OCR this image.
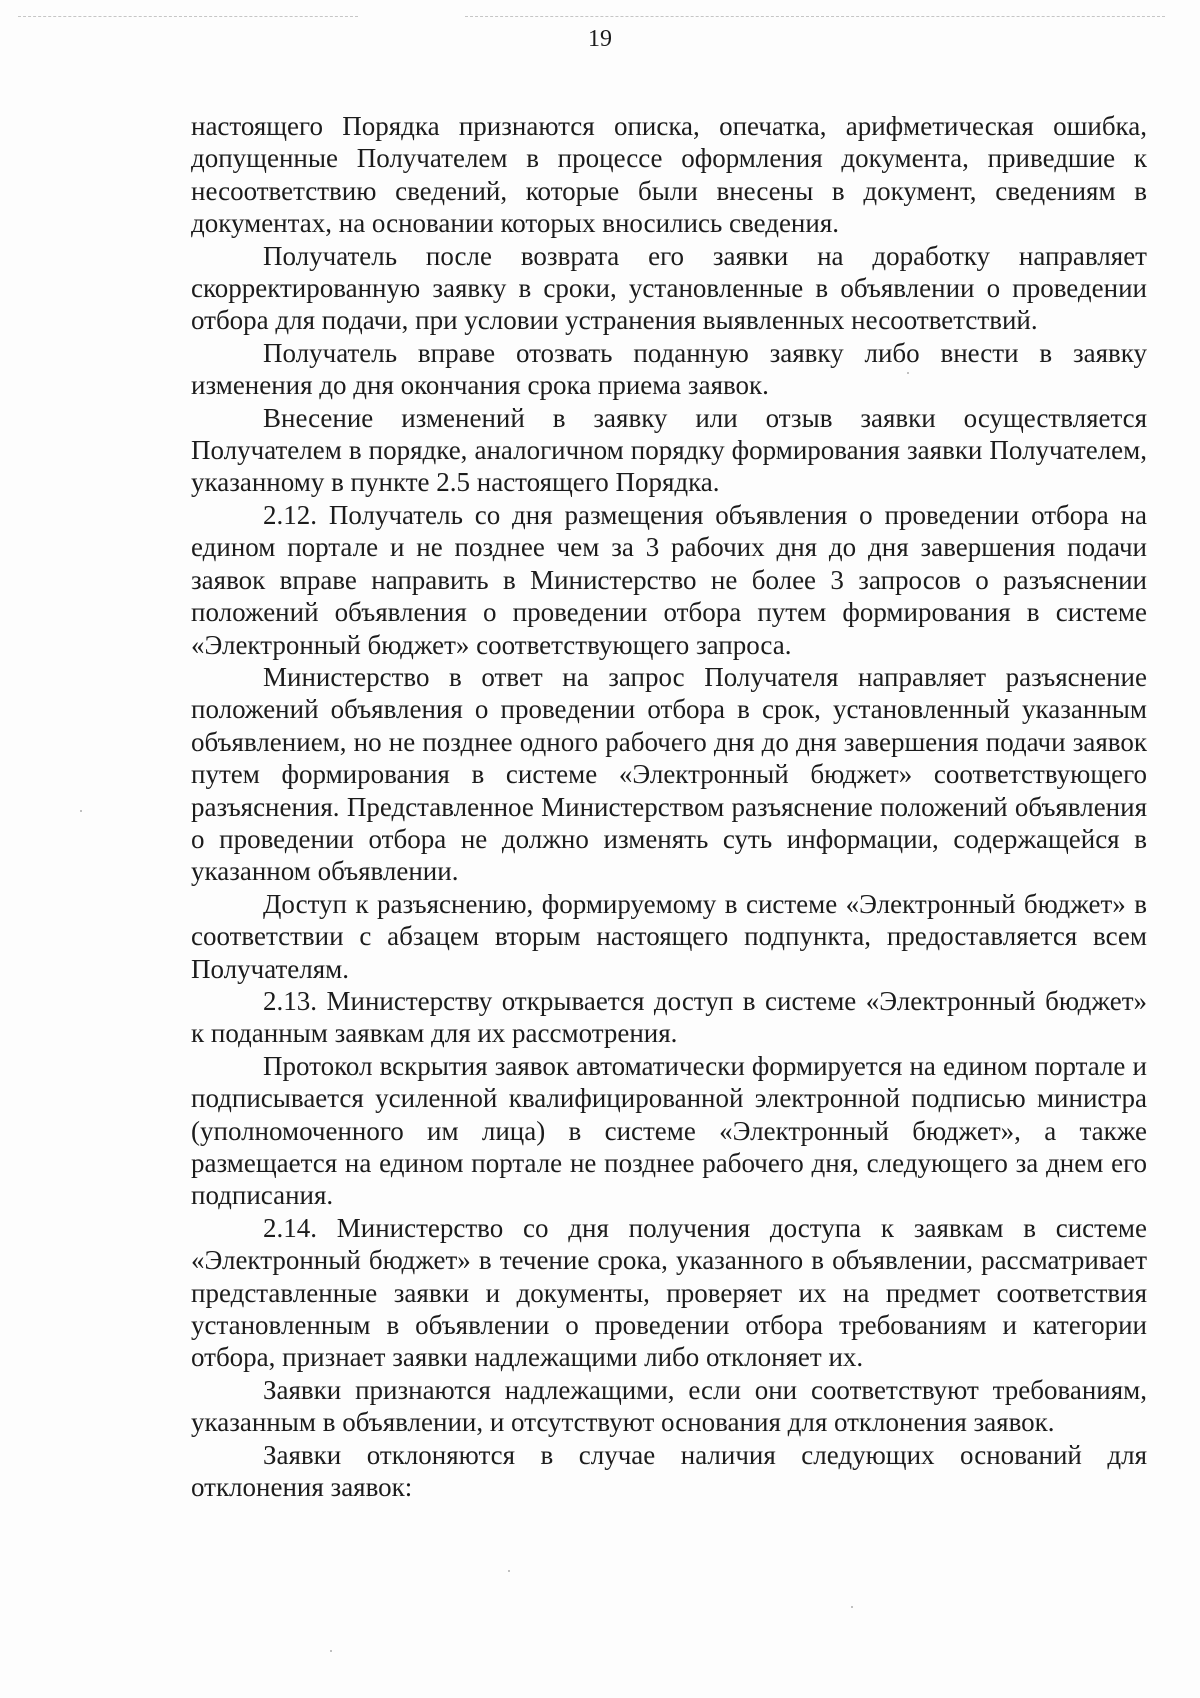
19

настоящего Порядка признаются описка, опечатка, арифметическая ошибка, допущенные Получателем в процессе оформления документа, приведшие к несоответствию сведений, которые были внесены в документ, сведениям в документах, на основании которых вносились сведения.

Получатель после возврата его заявки на доработку направляет скорректированную заявку в сроки, установленные в объявлении о проведении отбора для подачи, при условии устранения выявленных несоответствий.

Получатель вправе отозвать поданную заявку либо внести в заявку изменения до дня окончания срока приема заявок.

Внесение изменений в заявку или отзыв заявки осуществляется Получателем в порядке, аналогичном порядку формирования заявки Получателем, указанному в пункте 2.5 настоящего Порядка.

2.12. Получатель со дня размещения объявления о проведении отбора на едином портале и не позднее чем за 3 рабочих дня до дня завершения подачи заявок вправе направить в Министерство не более 3 запросов о разъяснении положений объявления о проведении отбора путем формирования в системе «Электронный бюджет» соответствующего запроса.

Министерство в ответ на запрос Получателя направляет разъяснение положений объявления о проведении отбора в срок, установленный указанным объявлением, но не позднее одного рабочего дня до дня завершения подачи заявок путем формирования в системе «Электронный бюджет» соответствующего разъяснения. Представленное Министерством разъяснение положений объявления о проведении отбора не должно изменять суть информации, содержащейся в указанном объявлении.

Доступ к разъяснению, формируемому в системе «Электронный бюджет» в соответствии с абзацем вторым настоящего подпункта, предоставляется всем Получателям.

2.13. Министерству открывается доступ в системе «Электронный бюджет» к поданным заявкам для их рассмотрения.

Протокол вскрытия заявок автоматически формируется на едином портале и подписывается усиленной квалифицированной электронной подписью министра (уполномоченного им лица) в системе «Электронный бюджет», а также размещается на едином портале не позднее рабочего дня, следующего за днем его подписания.

2.14. Министерство со дня получения доступа к заявкам в системе «Электронный бюджет» в течение срока, указанного в объявлении, рассматривает представленные заявки и документы, проверяет их на предмет соответствия установленным в объявлении о проведении отбора требованиям и категории отбора, признает заявки надлежащими либо отклоняет их.

Заявки признаются надлежащими, если они соответствуют требованиям, указанным в объявлении, и отсутствуют основания для отклонения заявок.

Заявки отклоняются в случае наличия следующих оснований для отклонения заявок:
